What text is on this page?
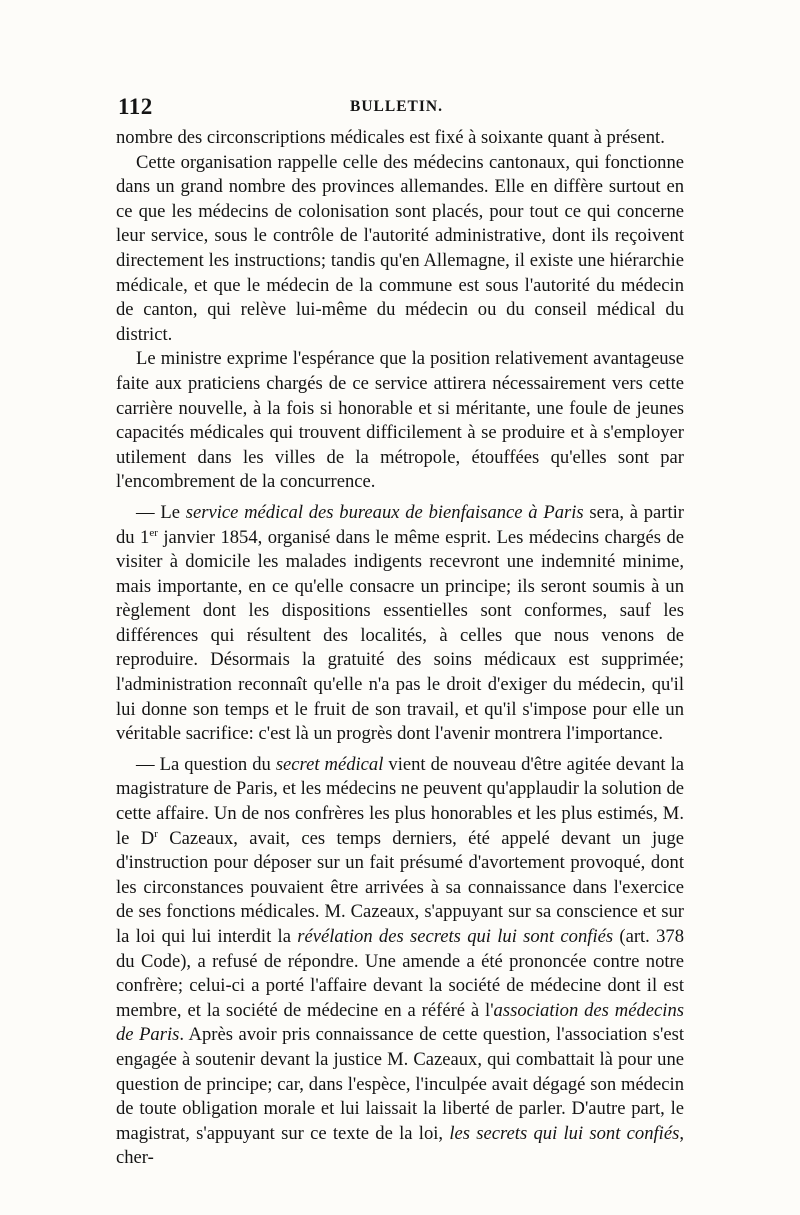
112	BULLETIN.

nombre des circonscriptions médicales est fixé à soixante quant à présent.

Cette organisation rappelle celle des médecins cantonaux, qui fonctionne dans un grand nombre des provinces allemandes. Elle en diffère surtout en ce que les médecins de colonisation sont placés, pour tout ce qui concerne leur service, sous le contrôle de l'autorité administrative, dont ils reçoivent directement les instructions; tandis qu'en Allemagne, il existe une hiérarchie médicale, et que le médecin de la commune est sous l'autorité du médecin de canton, qui relève lui-même du médecin ou du conseil médical du district.

Le ministre exprime l'espérance que la position relativement avantageuse faite aux praticiens chargés de ce service attirera nécessairement vers cette carrière nouvelle, à la fois si honorable et si méritante, une foule de jeunes capacités médicales qui trouvent difficilement à se produire et à s'employer utilement dans les villes de la métropole, étouffées qu'elles sont par l'encombrement de la concurrence.

— Le service médical des bureaux de bienfaisance à Paris sera, à partir du 1er janvier 1854, organisé dans le même esprit. Les médecins chargés de visiter à domicile les malades indigents recevront une indemnité minime, mais importante, en ce qu'elle consacre un principe; ils seront soumis à un règlement dont les dispositions essentielles sont conformes, sauf les différences qui résultent des localités, à celles que nous venons de reproduire. Désormais la gratuité des soins médicaux est supprimée; l'administration reconnaît qu'elle n'a pas le droit d'exiger du médecin, qu'il lui donne son temps et le fruit de son travail, et qu'il s'impose pour elle un véritable sacrifice: c'est là un progrès dont l'avenir montrera l'importance.

— La question du secret médical vient de nouveau d'être agitée devant la magistrature de Paris, et les médecins ne peuvent qu'applaudir la solution de cette affaire. Un de nos confrères les plus honorables et les plus estimés, M. le $D^r$ Cazeaux, avait, ces temps derniers, été appelé devant un juge d'instruction pour déposer sur un fait présumé d'avortement provoqué, dont les circonstances pouvaient être arrivées à sa connaissance dans l'exercice de ses fonctions médicales. M. Cazeaux, s'appuyant sur sa conscience et sur la loi qui lui interdit la révélation des secrets qui lui sont confiés (art. 378 du Code), a refusé de répondre. Une amende a été prononcée contre notre confrère; celui-ci a porté l'affaire devant la société de médecine dont il est membre, et la société de médecine en a référé à l'association des médecins de Paris. Après avoir pris connaissance de cette question, l'association s'est engagée à soutenir devant la justice M. Cazeaux, qui combattait là pour une question de principe; car, dans l'espèce, l'inculpée avait dégagé son médecin de toute obligation morale et lui laissait la liberté de parler. D'autre part, le magistrat, s'appuyant sur ce texte de la loi, les secrets qui lui sont confiés, cher-
